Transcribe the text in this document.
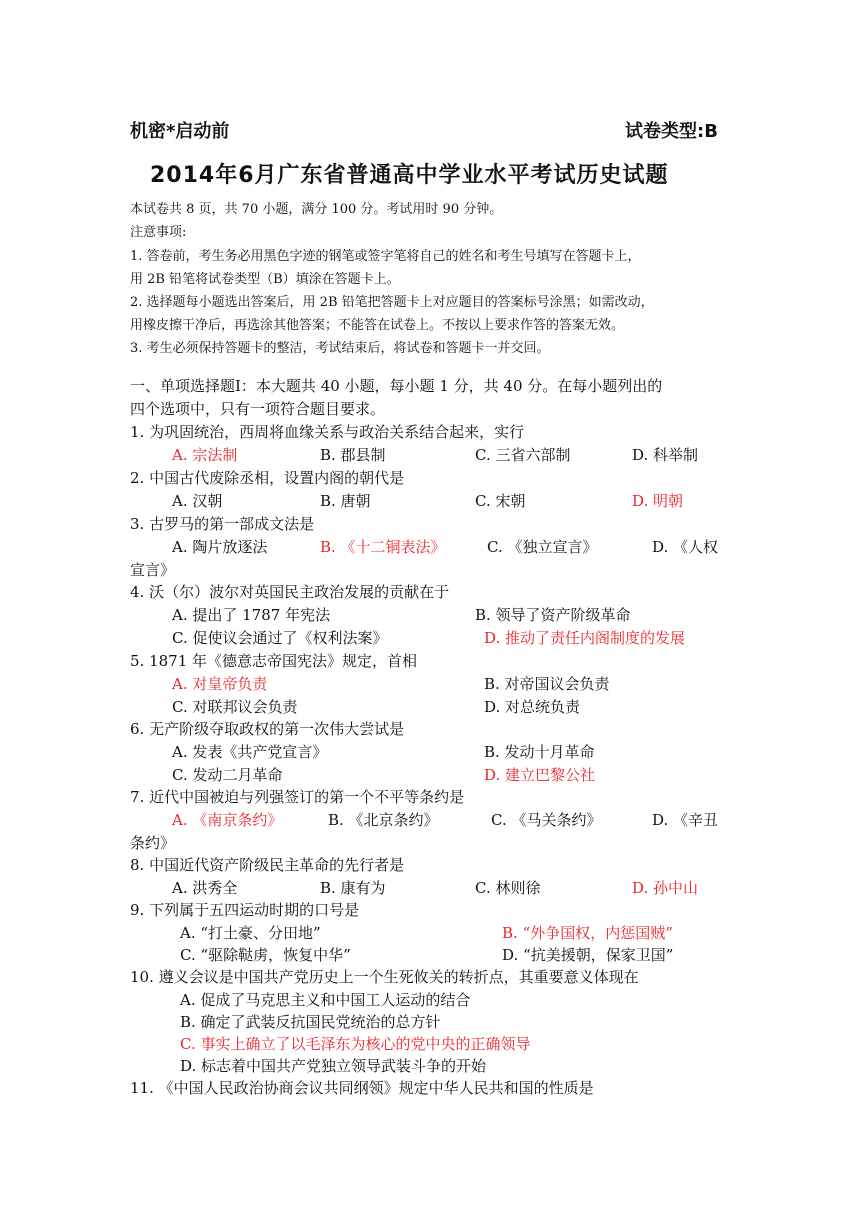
机密*启动前	试卷类型:B
2014年6月广东省普通高中学业水平考试历史试题
本试卷共 8 页，共 70 小题，满分 100 分。考试用时 90 分钟。
注意事项:
1. 答卷前，考生务必用黑色字迹的钢笔或签字笔将自己的姓名和考生号填写在答题卡上，
用 2B 铅笔将试卷类型（B）填涂在答题卡上。
2. 选择题每小题选出答案后，用 2B 铅笔把答题卡上对应题目的答案标号涂黑；如需改动，
用橡皮擦干净后，再选涂其他答案；不能答在试卷上。不按以上要求作答的答案无效。
3. 考生必须保持答题卡的整洁，考试结束后，将试卷和答题卡一并交回。
一、单项选择题Ⅰ：本大题共 40 小题，每小题 1 分，共 40 分。在每小题列出的
四个选项中，只有一项符合题目要求。
1. 为巩固统治，西周将血缘关系与政治关系结合起来，实行
A. 宗法制	B. 郡县制	C. 三省六部制	D. 科举制
2. 中国古代废除丞相，设置内阁的朝代是
A. 汉朝	B. 唐朝	C. 宋朝	D. 明朝
3. 古罗马的第一部成文法是
A. 陶片放逐法	B. 《十二铜表法》	C. 《独立宣言》	D. 《人权
宣言》
4. 沃（尔）波尔对英国民主政治发展的贡献在于
A. 提出了 1787 年宪法	B. 领导了资产阶级革命
C. 促使议会通过了《权利法案》	D. 推动了责任内阁制度的发展
5. 1871 年《德意志帝国宪法》规定，首相
A. 对皇帝负责	B. 对帝国议会负责
C. 对联邦议会负责	D. 对总统负责
6. 无产阶级夺取政权的第一次伟大尝试是
A. 发表《共产党宣言》	B. 发动十月革命
C. 发动二月革命	D. 建立巴黎公社
7. 近代中国被迫与列强签订的第一个不平等条约是
A. 《南京条约》	B. 《北京条约》	C. 《马关条约》	D. 《辛丑
条约》
8. 中国近代资产阶级民主革命的先行者是
A. 洪秀全	B. 康有为	C. 林则徐	D. 孙中山
9. 下列属于五四运动时期的口号是
A. “打土豪、分田地”	B. “外争国权，内惩国贼”
C. “驱除鞑虏，恢复中华”	D. “抗美援朝，保家卫国”
10. 遵义会议是中国共产党历史上一个生死攸关的转折点，其重要意义体现在
A. 促成了马克思主义和中国工人运动的结合
B. 确定了武装反抗国民党统治的总方针
C. 事实上确立了以毛泽东为核心的党中央的正确领导
D. 标志着中国共产党独立领导武装斗争的开始
11. 《中国人民政治协商会议共同纲领》规定中华人民共和国的性质是
